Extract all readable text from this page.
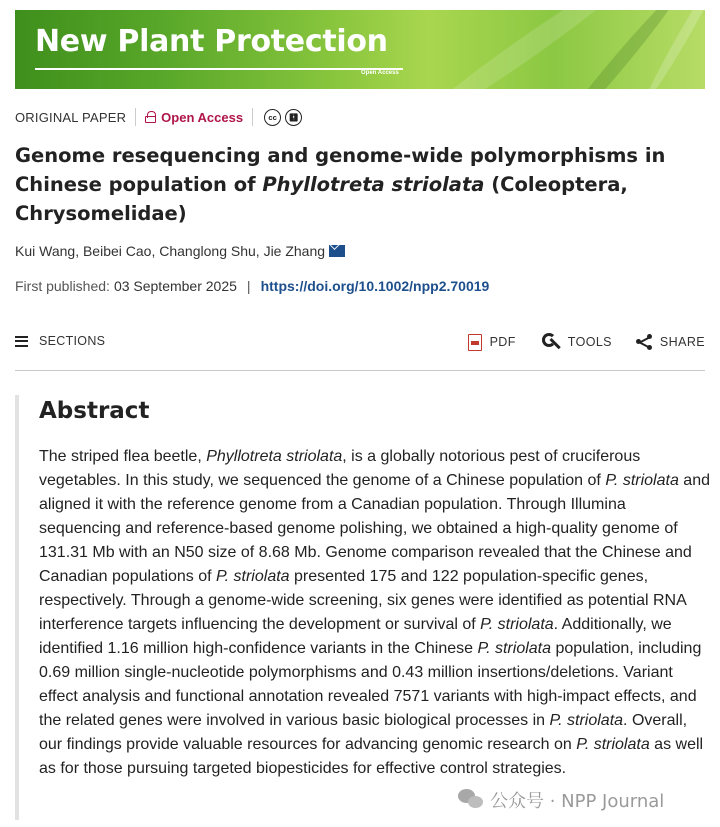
New Plant Protection
Open Access
ORIGINAL PAPER	Open Access	cc	🚹︎
Genome resequencing and genome-wide polymorphisms in Chinese population of Phyllotreta striolata (Coleoptera, Chrysomelidae)
Kui Wang , Beibei Cao , Changlong Shu , Jie Zhang
First published: 03 September 2025 | https://doi.org/10.1002/npp2.70019
SECTIONS	PDF	TOOLS	SHARE
Abstract

The striped flea beetle, Phyllotreta striolata, is a globally notorious pest of cruciferous vegetables. In this study, we sequenced the genome of a Chinese population of P. striolata and aligned it with the reference genome from a Canadian population. Through Illumina sequencing and reference-based genome polishing, we obtained a high-quality genome of 131.31 Mb with an N50 size of 8.68 Mb. Genome comparison revealed that the Chinese and Canadian populations of P. striolata presented 175 and 122 population-specific genes, respectively. Through a genome-wide screening, six genes were identified as potential RNA interference targets influencing the development or survival of P. striolata. Additionally, we identified 1.16 million high-confidence variants in the Chinese P. striolata population, including 0.69 million single-nucleotide polymorphisms and 0.43 million insertions/deletions. Variant effect analysis and functional annotation revealed 7571 variants with high-impact effects, and the related genes were involved in various basic biological processes in P. striolata. Overall, our findings provide valuable resources for advancing genomic research on P. striolata as well as for those pursuing targeted biopesticides for effective control strategies.

公众号 · NPP Journal
